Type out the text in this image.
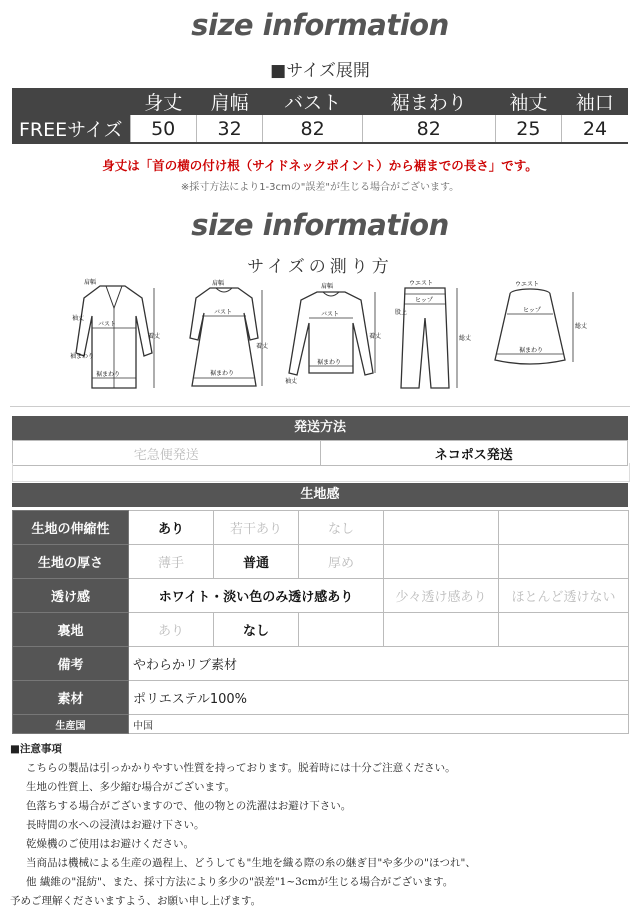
size information
■サイズ展開
	身丈	肩幅	バスト	裾まわり	袖丈	袖口
FREEサイズ	50	32	82	82	25	24
身丈は「首の横の付け根（サイドネックポイント）から裾までの長さ」です。
※採寸方法により1-3cmの"誤差"が生じる場合がございます。
size information
サイズの測り方
肩幅
袖丈
バスト
裾まわり
着丈
袖まわり
肩幅
バスト
裾まわり
着丈
肩幅
バスト
着丈
裾まわり
袖丈
ウエスト
ヒップ
股上
総丈
ウエスト
ヒップ
裾まわり
総丈
発送方法
宅急便発送	ネコポス発送
生地感
生地の伸縮性	あり	若干あり	なし		
生地の厚さ	薄手	普通	厚め		
透け感	ホワイト・淡い色のみ透け感あり			少々透け感あり	ほとんど透けない
裏地	あり	なし			
備考	やわらかリブ素材				
素材	ポリエステル100%				
生産国	中国				
■注意事項
こちらの製品は引っかかりやすい性質を持っております。脱着時には十分ご注意ください。
生地の性質上、多少縮む場合がございます。
色落ちする場合がございますので、他の物との洗濯はお避け下さい。
長時間の水への浸漬はお避け下さい。
乾燥機のご使用はお避けください。
当商品は機械による生産の過程上、どうしても"生地を織る際の糸の継ぎ目"や多少の"ほつれ"、
他 繊維の"混紡"、また、採寸方法により多少の"誤差"1~3cmが生じる場合がございます。
予めご理解くださいますよう、お願い申し上げます。
